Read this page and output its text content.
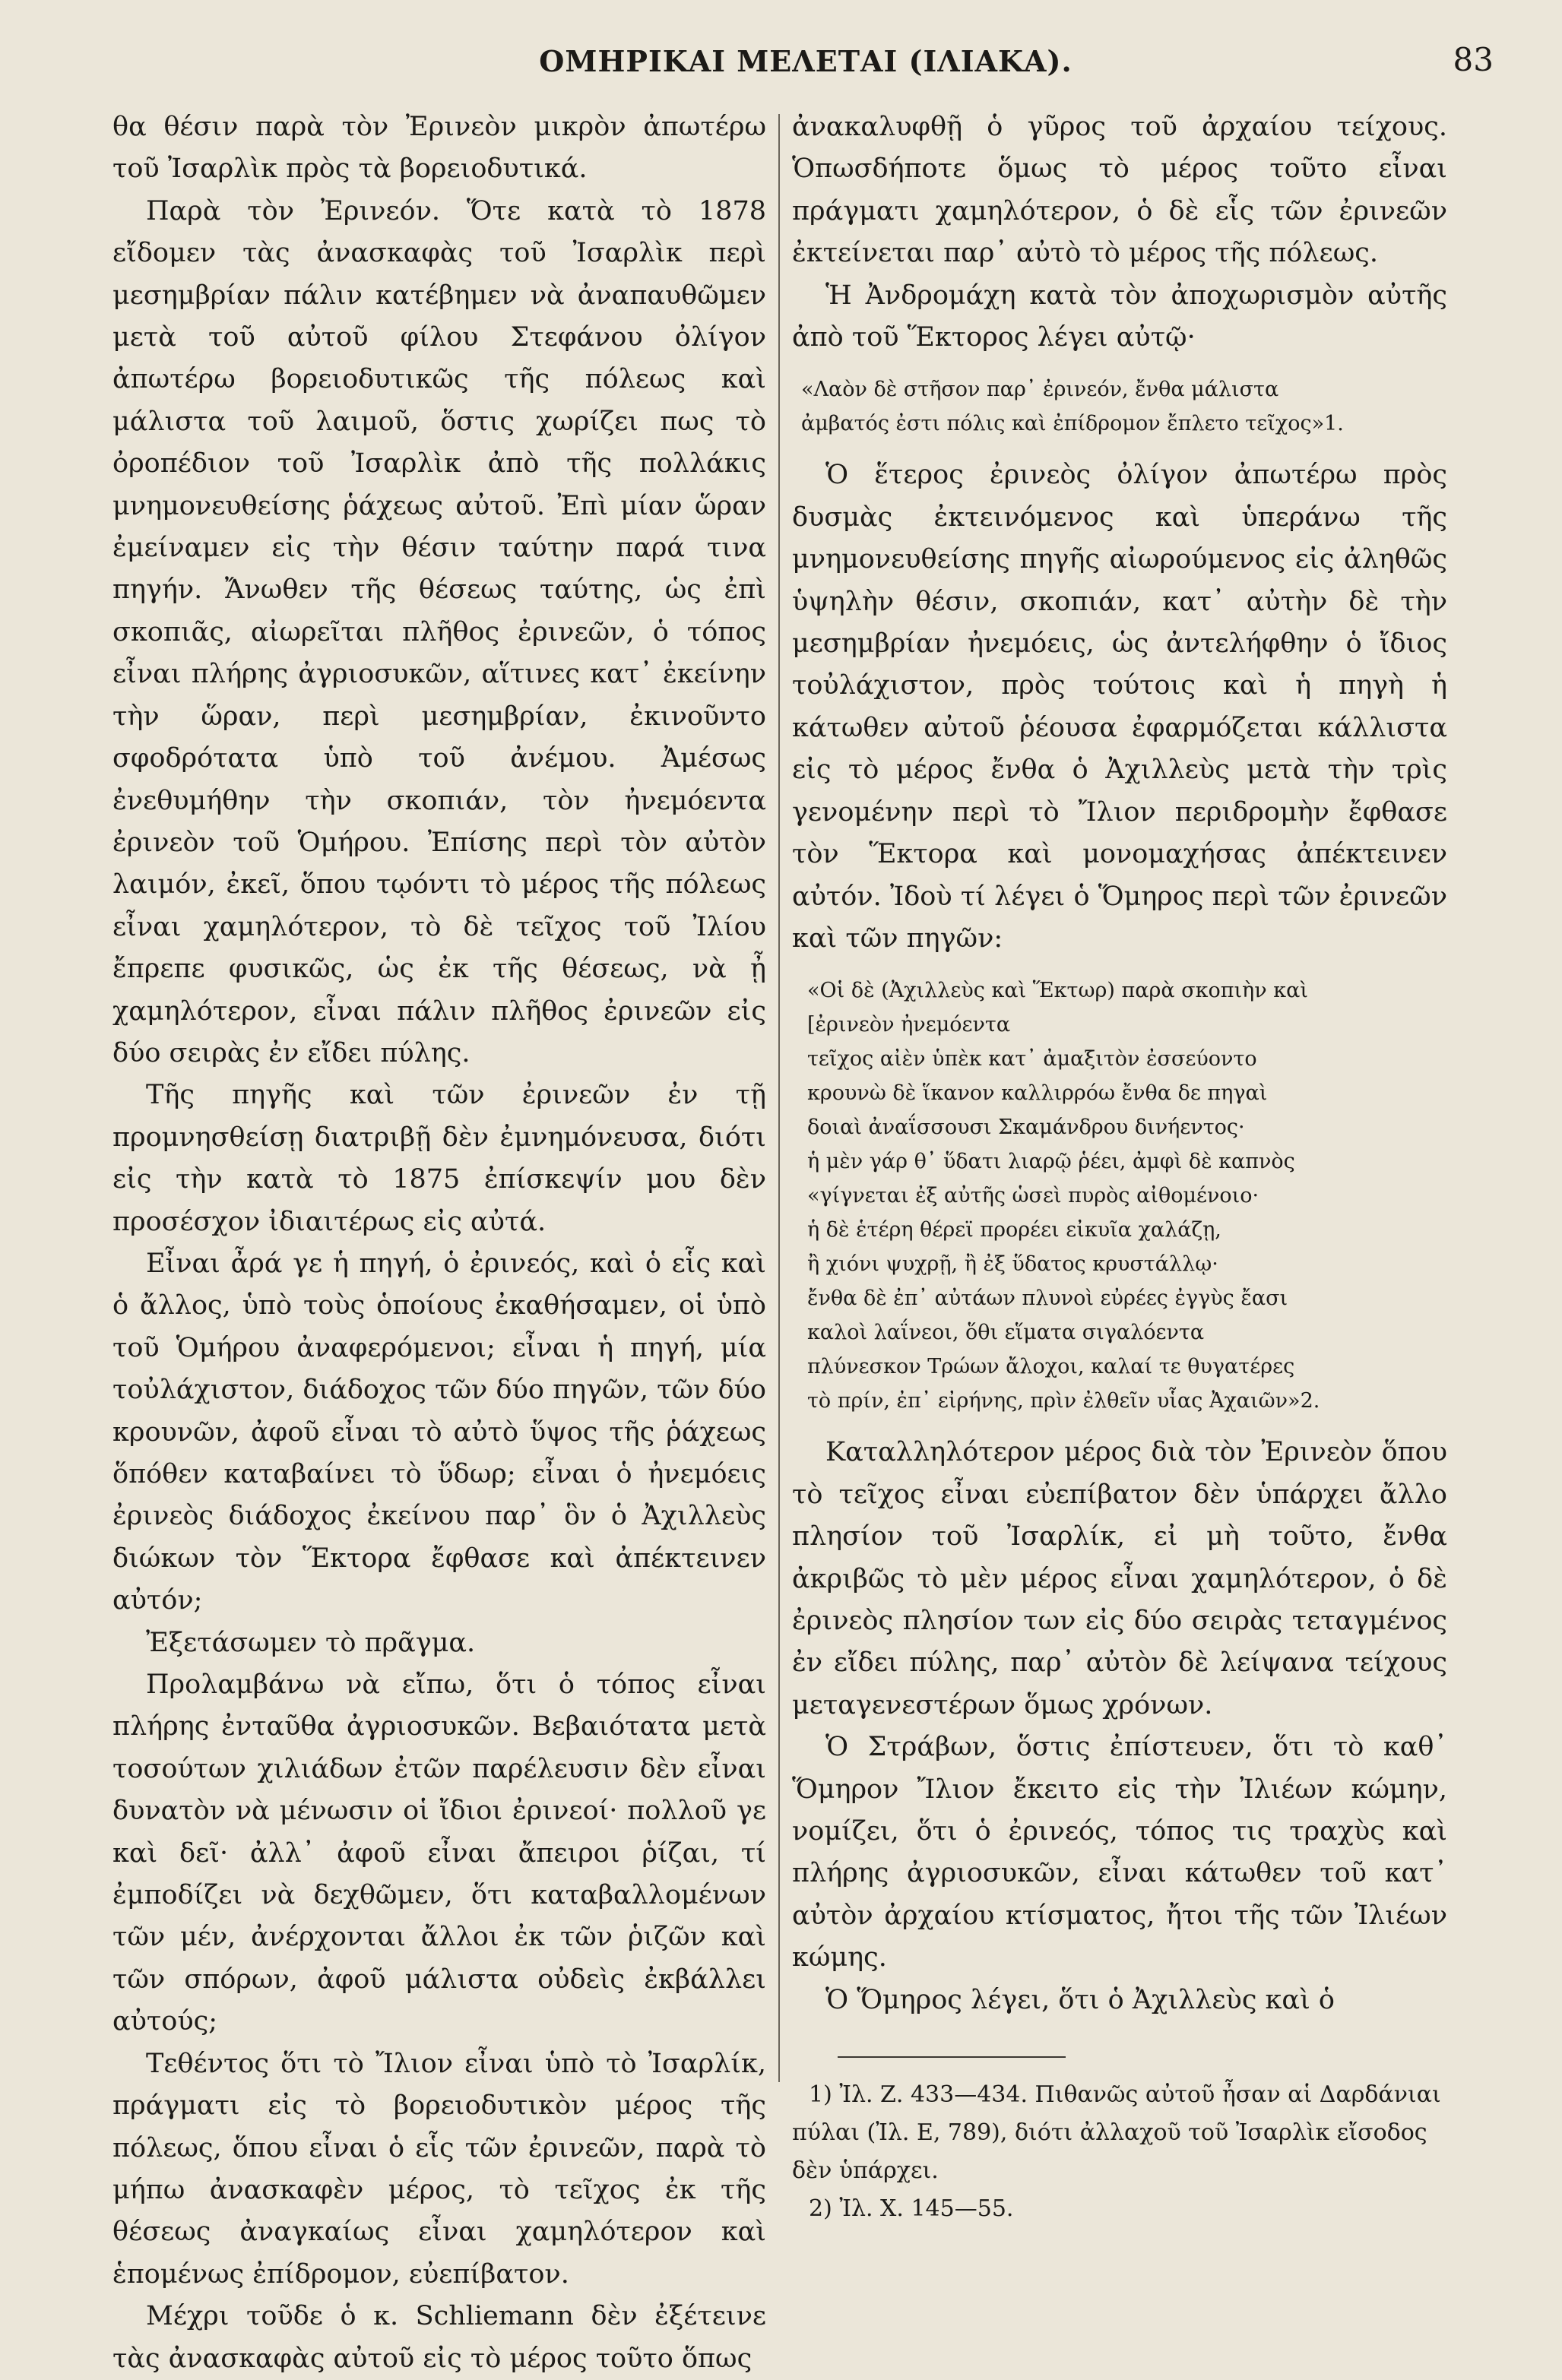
ΟΜΗΡΙΚΑΙ ΜΕΛΕΤΑΙ (ΙΛΙΑΚΑ).	83

θα θέσιν παρὰ τὸν Ἐρινεὸν μικρὸν ἀπωτέρω τοῦ Ἰσαρλὶκ πρὸς τὰ βορειοδυτικά.

Παρὰ τὸν Ἐρινεόν. Ὅτε κατὰ τὸ 1878 εἴδομεν τὰς ἀνασκαφὰς τοῦ Ἰσαρλὶκ περὶ μεσημβρίαν πάλιν κατέβημεν νὰ ἀναπαυθῶμεν μετὰ τοῦ αὐτοῦ φίλου Στεφάνου ὀλίγον ἀπωτέρω βορειοδυτικῶς τῆς πόλεως καὶ μάλιστα τοῦ λαιμοῦ, ὅστις χωρίζει πως τὸ ὀροπέδιον τοῦ Ἰσαρλὶκ ἀπὸ τῆς πολλάκις μνημονευθείσης ῥάχεως αὐτοῦ. Ἐπὶ μίαν ὥραν ἐμείναμεν εἰς τὴν θέσιν ταύτην παρά τινα πηγήν. Ἄνωθεν τῆς θέσεως ταύτης, ὡς ἐπὶ σκοπιᾶς, αἰωρεῖται πλῆθος ἐρινεῶν, ὁ τόπος εἶναι πλήρης ἀγριοσυκῶν, αἵτινες κατ᾽ ἐκείνην τὴν ὥραν, περὶ μεσημβρίαν, ἐκινοῦντο σφοδρότατα ὑπὸ τοῦ ἀνέμου. Ἀμέσως ἐνεθυμήθην τὴν σκοπιάν, τὸν ἠνεμόεντα ἐρινεὸν τοῦ Ὁμήρου. Ἐπίσης περὶ τὸν αὐτὸν λαιμόν, ἐκεῖ, ὅπου τῳόντι τὸ μέρος τῆς πόλεως εἶναι χαμηλότερον, τὸ δὲ τεῖχος τοῦ Ἰλίου ἔπρεπε φυσικῶς, ὡς ἐκ τῆς θέσεως, νὰ ᾖ χαμηλότερον, εἶναι πάλιν πλῆθος ἐρινεῶν εἰς δύο σειρὰς ἐν εἴδει πύλης.

Τῆς πηγῆς καὶ τῶν ἐρινεῶν ἐν τῇ προμνησθείσῃ διατριβῇ δὲν ἐμνημόνευσα, διότι εἰς τὴν κατὰ τὸ 1875 ἐπίσκεψίν μου δὲν προσέσχον ἰδιαιτέρως εἰς αὐτά.

Εἶναι ἆρά γε ἡ πηγή, ὁ ἐρινεός, καὶ ὁ εἷς καὶ ὁ ἄλλος, ὑπὸ τοὺς ὁποίους ἐκαθήσαμεν, οἱ ὑπὸ τοῦ Ὁμήρου ἀναφερόμενοι; εἶναι ἡ πηγή, μία τοὐλάχιστον, διάδοχος τῶν δύο πηγῶν, τῶν δύο κρουνῶν, ἀφοῦ εἶναι τὸ αὐτὸ ὕψος τῆς ῥάχεως ὅπόθεν καταβαίνει τὸ ὕδωρ; εἶναι ὁ ἠνεμόεις ἐρινεὸς διάδοχος ἐκείνου παρ᾽ ὃν ὁ Ἀχιλλεὺς διώκων τὸν Ἕκτορα ἔφθασε καὶ ἀπέκτεινεν αὐτόν;

Ἐξετάσωμεν τὸ πρᾶγμα.

Προλαμβάνω νὰ εἴπω, ὅτι ὁ τόπος εἶναι πλήρης ἐνταῦθα ἀγριοσυκῶν. Βεβαιότατα μετὰ τοσούτων χιλιάδων ἐτῶν παρέλευσιν δὲν εἶναι δυνατὸν νὰ μένωσιν οἱ ἴδιοι ἐρινεοί· πολλοῦ γε καὶ δεῖ· ἀλλ᾽ ἀφοῦ εἶναι ἄπειροι ῥίζαι, τί ἐμποδίζει νὰ δεχθῶμεν, ὅτι καταβαλλομένων τῶν μέν, ἀνέρχονται ἄλλοι ἐκ τῶν ῥιζῶν καὶ τῶν σπόρων, ἀφοῦ μάλιστα οὐδεὶς ἐκβάλλει αὐτούς;

Τεθέντος ὅτι τὸ Ἴλιον εἶναι ὑπὸ τὸ Ἰσαρλίκ, πράγματι εἰς τὸ βορειοδυτικὸν μέρος τῆς πόλεως, ὅπου εἶναι ὁ εἷς τῶν ἐρινεῶν, παρὰ τὸ μήπω ἀνασκαφὲν μέρος, τὸ τεῖχος ἐκ τῆς θέσεως ἀναγκαίως εἶναι χαμηλότερον καὶ ἑπομένως ἐπίδρομον, εὐεπίβατον.

Μέχρι τοῦδε ὁ κ. Schliemann δὲν ἐξέτεινε τὰς ἀνασκαφὰς αὐτοῦ εἰς τὸ μέρος τοῦτο ὅπως

ἀνακαλυφθῇ ὁ γῦρος τοῦ ἀρχαίου τείχους. Ὁπωσδήποτε ὅμως τὸ μέρος τοῦτο εἶναι πράγματι χαμηλότερον, ὁ δὲ εἷς τῶν ἐρινεῶν ἐκτείνεται παρ᾽ αὐτὸ τὸ μέρος τῆς πόλεως.

Ἡ Ἀνδρομάχη κατὰ τὸν ἀποχωρισμὸν αὐτῆς ἀπὸ τοῦ Ἕκτορος λέγει αὐτῷ·

«Λαὸν δὲ στῆσον παρ᾽ ἐρινεόν, ἔνθα μάλιστα
ἀμβατός ἐστι πόλις καὶ ἐπίδρομον ἔπλετο τεῖχος»1.

Ὁ ἕτερος ἐρινεὸς ὀλίγον ἀπωτέρω πρὸς δυσμὰς ἐκτεινόμενος καὶ ὑπεράνω τῆς μνημονευθείσης πηγῆς αἰωρούμενος εἰς ἀληθῶς ὑψηλὴν θέσιν, σκοπιάν, κατ᾽ αὐτὴν δὲ τὴν μεσημβρίαν ἠνεμόεις, ὡς ἀντελήφθην ὁ ἴδιος τοὐλάχιστον, πρὸς τούτοις καὶ ἡ πηγὴ ἡ κάτωθεν αὐτοῦ ῥέουσα ἐφαρμόζεται κάλλιστα εἰς τὸ μέρος ἔνθα ὁ Ἀχιλλεὺς μετὰ τὴν τρὶς γενομένην περὶ τὸ Ἴλιον περιδρομὴν ἔφθασε τὸν Ἕκτορα καὶ μονομαχήσας ἀπέκτεινεν αὐτόν. Ἰδοὺ τί λέγει ὁ Ὅμηρος περὶ τῶν ἐρινεῶν καὶ τῶν πηγῶν:

«Οἱ δὲ (Ἀχιλλεὺς καὶ Ἕκτωρ) παρὰ σκοπιὴν καὶ
[ἐρινεὸν ἠνεμόεντα
τεῖχος αἰὲν ὑπὲκ κατ᾽ ἀμαξιτὸν ἐσσεύοντο
κρουνὼ δὲ ἵκανον καλλιρρόω ἔνθα δε πηγαὶ
δοιαὶ ἀναΐσσουσι Σκαμάνδρου δινήεντος·
ἡ μὲν γάρ θ᾽ ὕδατι λιαρῷ ῥέει, ἀμφὶ δὲ καπνὸς
«γίγνεται ἐξ αὐτῆς ὡσεὶ πυρὸς αἰθομένοιο·
ἡ δὲ ἑτέρη θέρεϊ προρέει εἰκυῖα χαλάζῃ,
ἢ χιόνι ψυχρῇ, ἢ ἐξ ὕδατος κρυστάλλῳ·
ἔνθα δὲ ἐπ᾽ αὐτάων πλυνοὶ εὐρέες ἐγγὺς ἔασι
καλοὶ λαΐνεοι, ὅθι εἵματα σιγαλόεντα
πλύνεσκον Τρώων ἄλοχοι, καλαί τε θυγατέρες
τὸ πρίν, ἐπ᾽ εἰρήνης, πρὶν ἐλθεῖν υἷας Ἀχαιῶν»2.

Καταλληλότερον μέρος διὰ τὸν Ἐρινεὸν ὅπου τὸ τεῖχος εἶναι εὐεπίβατον δὲν ὑπάρχει ἄλλο πλησίον τοῦ Ἰσαρλίκ, εἰ μὴ τοῦτο, ἔνθα ἀκριβῶς τὸ μὲν μέρος εἶναι χαμηλότερον, ὁ δὲ ἐρινεὸς πλησίον των εἰς δύο σειρὰς τεταγμένος ἐν εἴδει πύλης, παρ᾽ αὐτὸν δὲ λείψανα τείχους μεταγενεστέρων ὅμως χρόνων.

Ὁ Στράβων, ὅστις ἐπίστευεν, ὅτι τὸ καθ᾽ Ὅμηρον Ἴλιον ἔκειτο εἰς τὴν Ἰλιέων κώμην, νομίζει, ὅτι ὁ ἐρινεός, τόπος τις τραχὺς καὶ πλήρης ἀγριοσυκῶν, εἶναι κάτωθεν τοῦ κατ᾽ αὐτὸν ἀρχαίου κτίσματος, ἤτοι τῆς τῶν Ἰλιέων κώμης.

Ὁ Ὅμηρος λέγει, ὅτι ὁ Ἀχιλλεὺς καὶ ὁ

1) Ἰλ. Ζ. 433—434. Πιθανῶς αὐτοῦ ἦσαν αἱ Δαρδάνιαι πύλαι (Ἰλ. Ε, 789), διότι ἀλλαχοῦ τοῦ Ἰσαρλὶκ εἴσοδος δὲν ὑπάρχει.

2) Ἰλ. Χ. 145—55.
